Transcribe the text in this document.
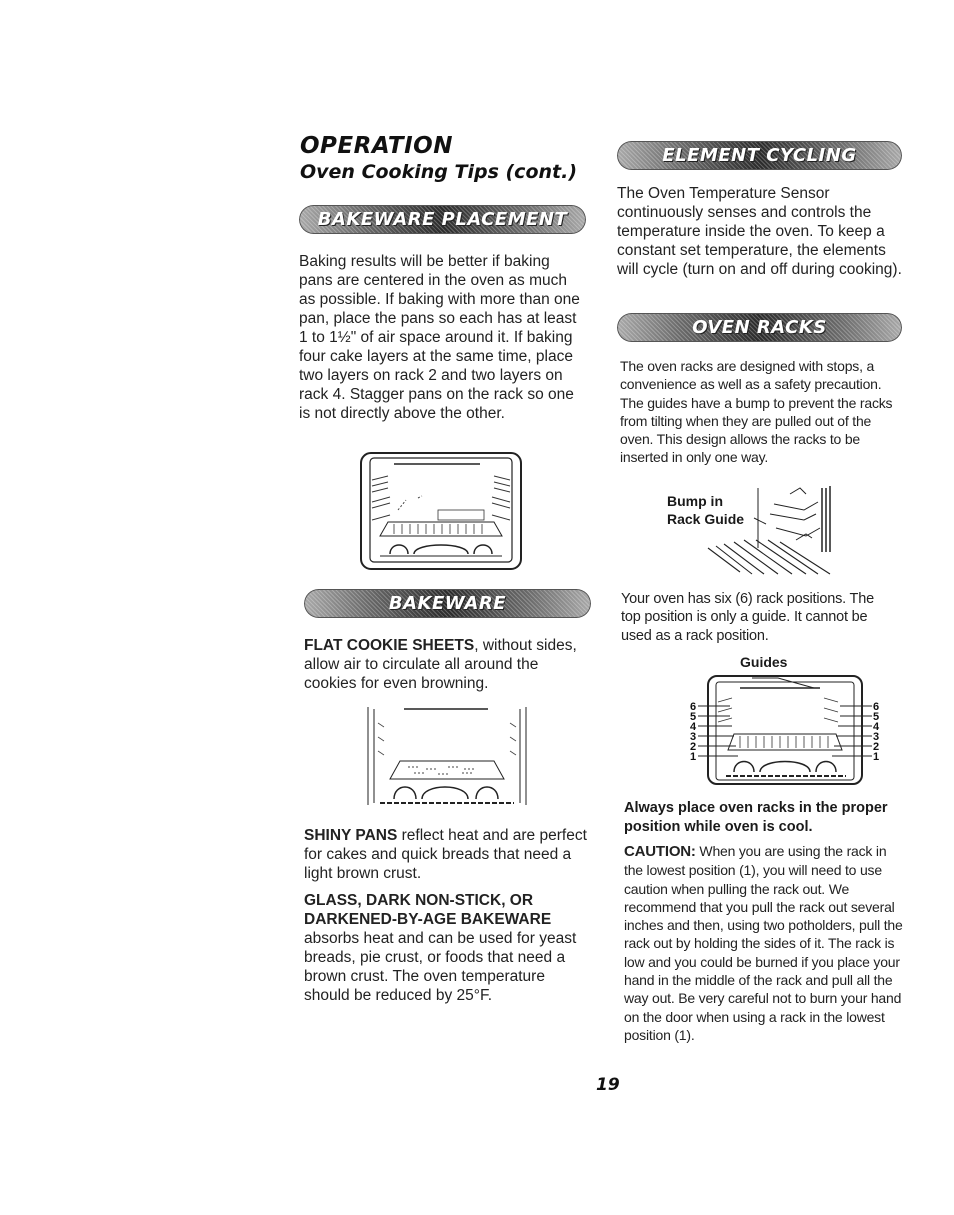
OPERATION
Oven Cooking Tips (cont.)
BAKEWARE PLACEMENT
Baking results will be better if baking pans are centered in the oven as much as possible. If baking with more than one pan, place the pans so each has at least 1 to 1½" of air space around it. If baking four cake layers at the same time, place two layers on rack 2 and two layers on rack 4. Stagger pans on the rack so one is not directly above the other.
BAKEWARE
FLAT COOKIE SHEETS, without sides, allow air to circulate all around the cookies for even browning.
SHINY PANS reflect heat and are perfect for cakes and quick breads that need a light brown crust.
GLASS, DARK NON-STICK, OR DARKENED-BY-AGE BAKEWARE
absorbs heat and can be used for yeast breads, pie crust, or foods that need a brown crust. The oven temperature should be reduced by 25°F.
ELEMENT CYCLING
The Oven Temperature Sensor continuously senses and controls the temperature inside the oven. To keep a constant set temperature, the elements will cycle (turn on and off during cooking).
OVEN RACKS
The oven racks are designed with stops, a convenience as well as a safety precaution. The guides have a bump to prevent the racks from tilting when they are pulled out of the oven. This design allows the racks to be inserted in only one way.
Bump in
Rack Guide
Your oven has six (6) rack positions. The top position is only a guide. It cannot be used as a rack position.
Guides
6
5
4
3
2
1
6
5
4
3
2
1
Always place oven racks in the proper position while oven is cool.
CAUTION: When you are using the rack in the lowest position (1), you will need to use caution when pulling the rack out. We recommend that you pull the rack out several inches and then, using two potholders, pull the rack out by holding the sides of it. The rack is low and you could be burned if you place your hand in the middle of the rack and pull all the way out. Be very careful not to burn your hand on the door when using a rack in the lowest position (1).
19
